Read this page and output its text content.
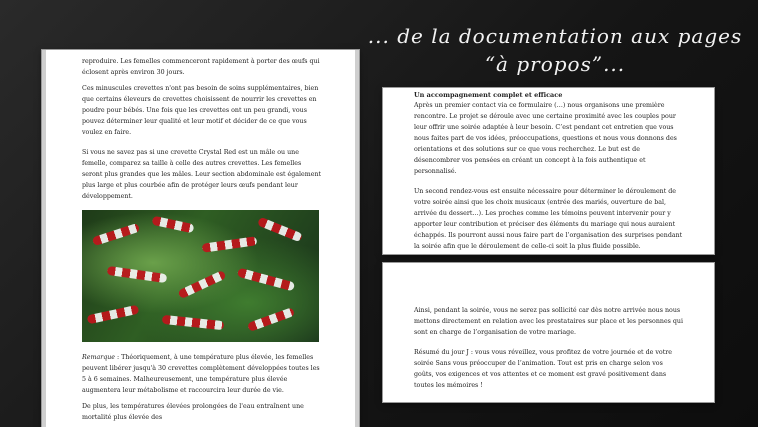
... de la documentation aux pages
“à propos”...

reproduire. Les femelles commenceront rapidement à porter des œufs qui éclosent après environ 30 jours.

Ces minuscules crevettes n'ont pas besoin de soins supplémentaires, bien que certains éleveurs de crevettes choisissent de nourrir les crevettes en poudre pour bébés. Une fois que les crevettes ont un peu grandi, vous pouvez déterminer leur qualité et leur motif et décider de ce que vous voulez en faire.

Si vous ne savez pas si une crevette Crystal Red est un mâle ou une femelle, comparez sa taille à celle des autres crevettes. Les femelles seront plus grandes que les mâles. Leur section abdominale est également plus large et plus courbée afin de protéger leurs œufs pendant leur développement.

Remarque : Théoriquement, à une température plus élevée, les femelles peuvent libérer jusqu'à 30 crevettes complètement développées toutes les 5 à 6 semaines. Malheureusement, une température plus élevée augmentera leur métabolisme et raccourcira leur durée de vie.

De plus, les températures élevées prolongées de l'eau entraînent une mortalité plus élevée des

Un accompagnement complet et efficace

Après un premier contact via ce formulaire (…) nous organisons une première rencontre. Le projet se déroule avec une certaine proximité avec les couples pour leur offrir une soirée adaptée à leur besoin. C’est pendant cet entretien que vous nous faites part de vos idées, préoccupations, questions et nous vous donnons des orientations et des solutions sur ce que vous recherchez. Le but est de désencombrer vos pensées en créant un concept à la fois authentique et personnalisé.

Un second rendez-vous est ensuite nécessaire pour déterminer le déroulement de votre soirée ainsi que les choix musicaux (entrée des mariés, ouverture de bal, arrivée du dessert…). Les proches comme les témoins peuvent intervenir pour y apporter leur contribution et préciser des éléments du mariage qui nous auraient échappés. Ils pourront aussi nous faire part de l’organisation des surprises pendant la soirée afin que le déroulement de celle-ci soit la plus fluide possible.

Ainsi, pendant la soirée, vous ne serez pas sollicité car dès notre arrivée nous nous mettons directement en relation avec les prestataires sur place et les personnes qui sont en charge de l’organisation de votre mariage.

Résumé du jour J : vous vous réveillez, vous profitez de votre journée et de votre soirée Sans vous préoccuper de l’animation. Tout est pris en charge selon vos goûts, vos exigences et vos attentes et ce moment est gravé positivement dans toutes les mémoires !
